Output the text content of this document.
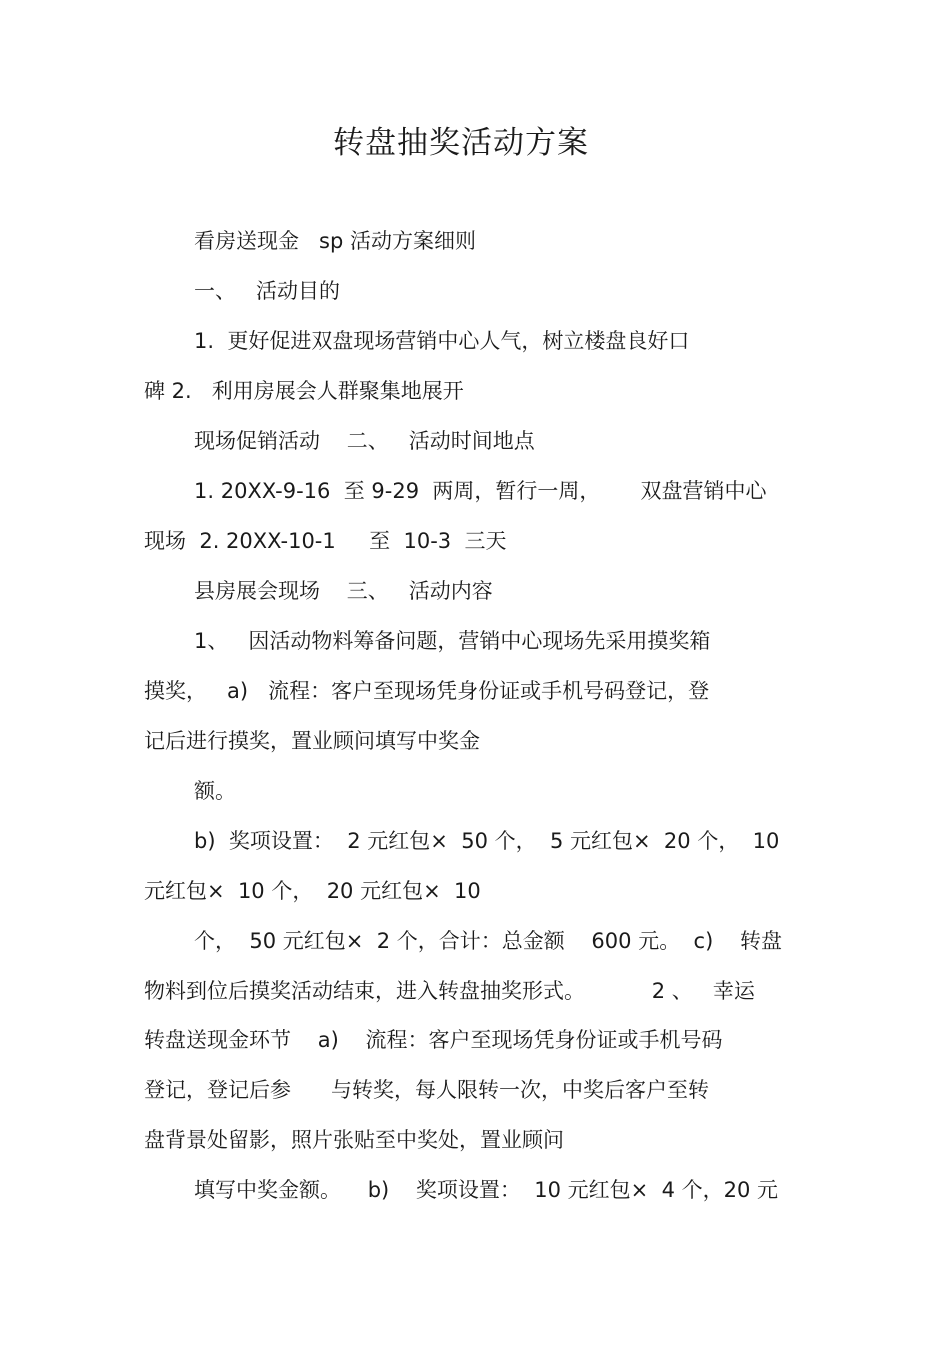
转盘抽奖活动方案
看房送现金   sp 活动方案细则
一、   活动目的
1.  更好促进双盘现场营销中心人气，树立楼盘良好口
碑 2.   利用房展会人群聚集地展开
现场促销活动    二、   活动时间地点
1. 20XX-9-16  至 9-29  两周，暂行一周，      双盘营销中心
现场  2. 20XX-10-1     至  10-3  三天
县房展会现场    三、   活动内容
1、   因活动物料筹备问题，营销中心现场先采用摸奖箱
摸奖，   a)   流程：客户至现场凭身份证或手机号码登记，登
记后进行摸奖，置业顾问填写中奖金
额。
b)  奖项设置：  2 元红包×  50 个，  5 元红包×  20 个，  10
元红包×  10 个，  20 元红包×  10
个，  50 元红包×  2 个，合计：总金额    600 元。  c)    转盘
物料到位后摸奖活动结束，进入转盘抽奖形式。          2 、   幸运
转盘送现金环节    a)    流程：客户至现场凭身份证或手机号码
登记，登记后参      与转奖，每人限转一次，中奖后客户至转
盘背景处留影，照片张贴至中奖处，置业顾问
填写中奖金额。    b)    奖项设置：  10 元红包×  4 个，20 元
